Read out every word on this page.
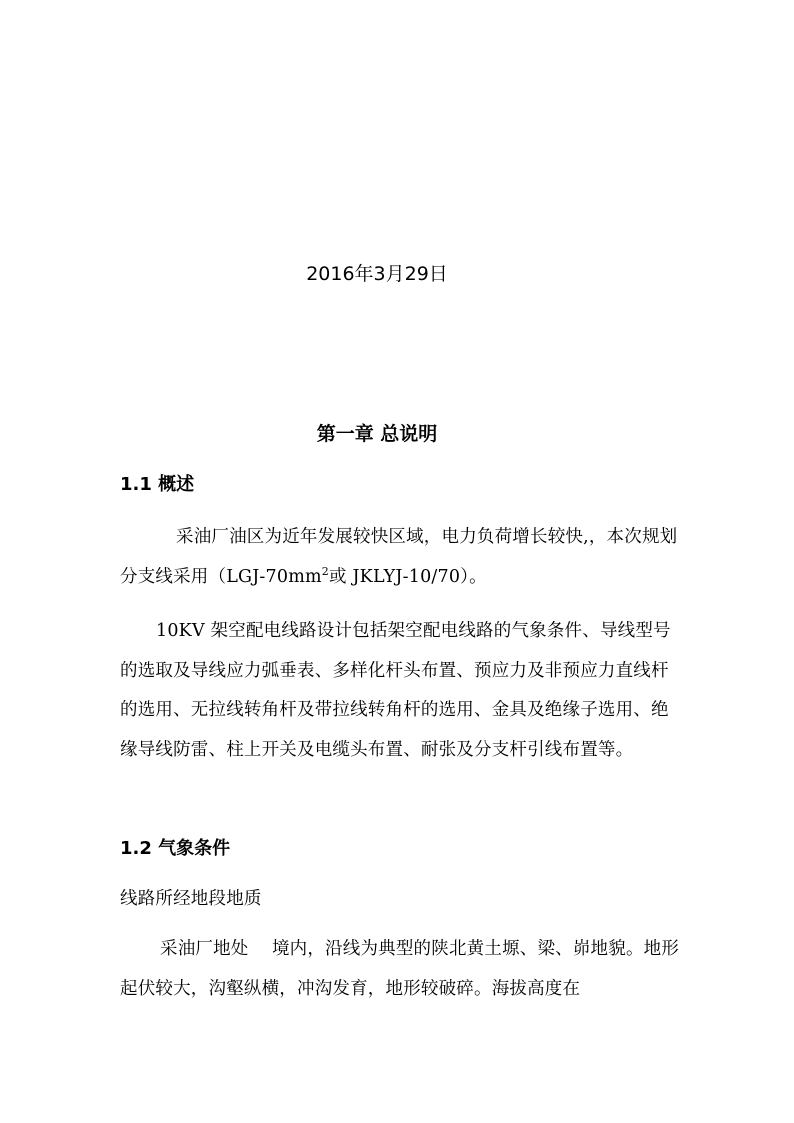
2016年3月29日
第一章 总说明
1.1 概述

采油厂油区为近年发展较快区域，电力负荷增长较快,，本次规划分支线采用（$LGJ-70mm^2$或 JKLYJ-10/70）。

10KV 架空配电线路设计包括架空配电线路的气象条件、导线型号的选取及导线应力弧垂表、多样化杆头布置、预应力及非预应力直线杆的选用、无拉线转角杆及带拉线转角杆的选用、金具及绝缘子选用、绝缘导线防雷、柱上开关及电缆头布置、耐张及分支杆引线布置等。

1.2 气象条件

线路所经地段地质

采油厂地处　 境内，沿线为典型的陕北黄土塬、梁、峁地貌。地形起伏较大，沟壑纵横，冲沟发育，地形较破碎。海拔高度在
